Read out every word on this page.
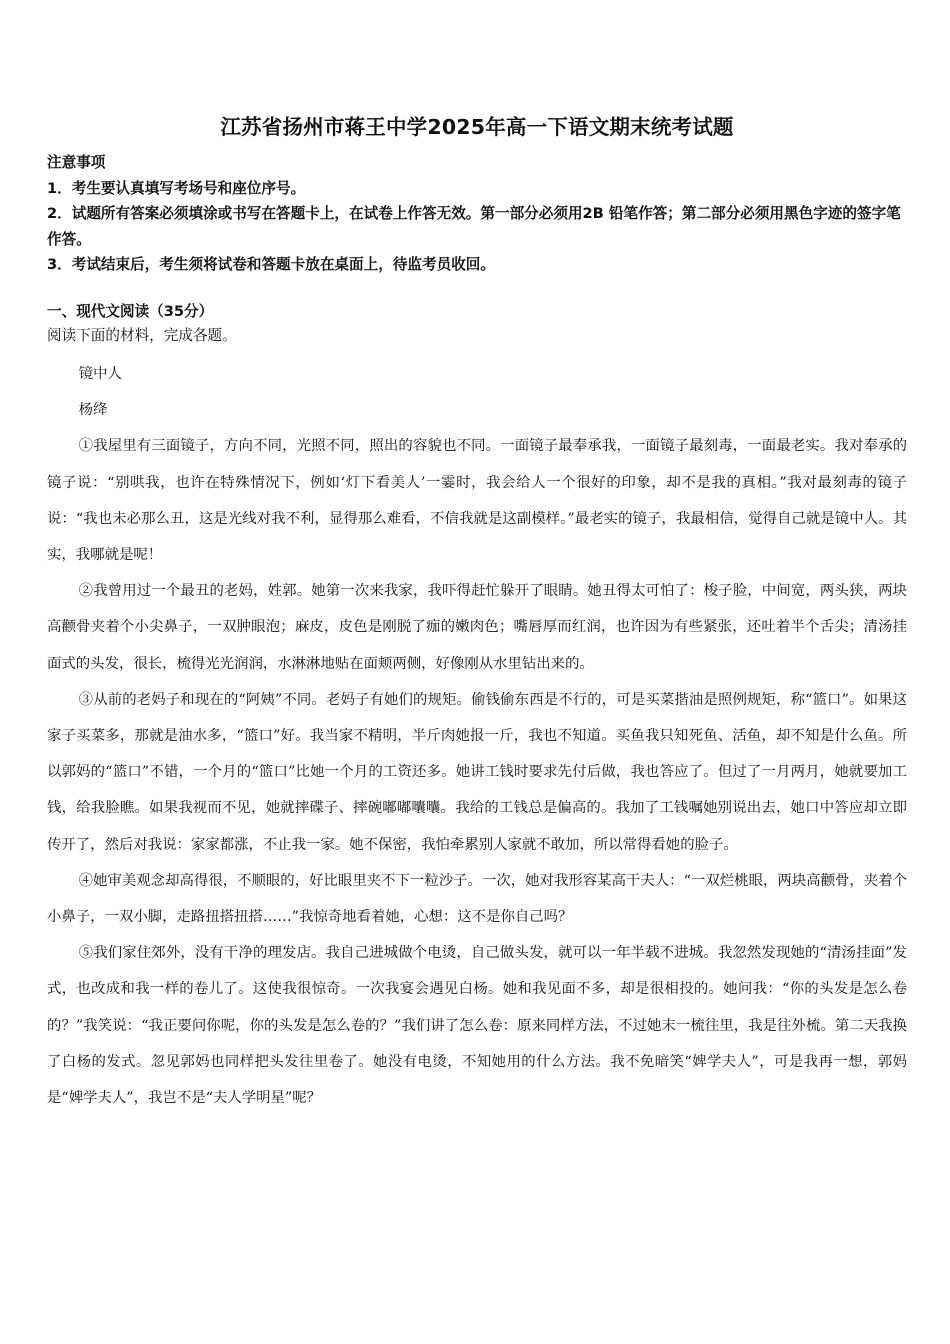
江苏省扬州市蒋王中学2025年高一下语文期末统考试题

注意事项

1．考生要认真填写考场号和座位序号。

2．试题所有答案必须填涂或书写在答题卡上，在试卷上作答无效。第一部分必须用2B 铅笔作答；第二部分必须用黑色字迹的签字笔作答。

3．考试结束后，考生须将试卷和答题卡放在桌面上，待监考员收回。

一、现代文阅读（35分）

阅读下面的材料，完成各题。

镜中人

杨绛

①我屋里有三面镜子，方向不同，光照不同，照出的容貌也不同。一面镜子最奉承我，一面镜子最刻毒，一面最老实。我对奉承的镜子说：“别哄我，也许在特殊情况下，例如‘灯下看美人’一霎时，我会给人一个很好的印象，却不是我的真相。”我对最刻毒的镜子说：“我也未必那么丑，这是光线对我不利，显得那么难看，不信我就是这副模样。”最老实的镜子，我最相信，觉得自己就是镜中人。其实，我哪就是呢！

②我曾用过一个最丑的老妈，姓郭。她第一次来我家，我吓得赶忙躲开了眼睛。她丑得太可怕了：梭子脸，中间宽，两头狭，两块高颧骨夹着个小尖鼻子，一双肿眼泡；麻皮，皮色是刚脱了痂的嫩肉色；嘴唇厚而红润，也许因为有些紧张，还吐着半个舌尖；清汤挂面式的头发，很长，梳得光光润润，水淋淋地贴在面颊两侧，好像刚从水里钻出来的。

③从前的老妈子和现在的“阿姨”不同。老妈子有她们的规矩。偷钱偷东西是不行的，可是买菜揩油是照例规矩，称“篮口”。如果这家子买菜多，那就是油水多，“篮口”好。我当家不精明，半斤肉她报一斤，我也不知道。买鱼我只知死鱼、活鱼，却不知是什么鱼。所以郭妈的“篮口”不错，一个月的“篮口”比她一个月的工资还多。她讲工钱时要求先付后做，我也答应了。但过了一月两月，她就要加工钱，给我脸瞧。如果我视而不见，她就摔碟子、摔碗嘟嘟囔囔。我给的工钱总是偏高的。我加了工钱嘱她别说出去，她口中答应却立即传开了，然后对我说：家家都涨，不止我一家。她不保密，我怕牵累别人家就不敢加，所以常得看她的脸子。

④她审美观念却高得很，不顺眼的，好比眼里夹不下一粒沙子。一次，她对我形容某高干夫人：“一双烂桃眼，两块高颧骨，夹着个小鼻子，一双小脚，走路扭搭扭搭……”我惊奇地看着她，心想：这不是你自己吗？

⑤我们家住郊外，没有干净的理发店。我自己进城做个电烫，自己做头发，就可以一年半载不进城。我忽然发现她的“清汤挂面”发式，也改成和我一样的卷儿了。这使我很惊奇。一次我宴会遇见白杨。她和我见面不多，却是很相投的。她问我：“你的头发是怎么卷的？”我笑说：“我正要问你呢，你的头发是怎么卷的？”我们讲了怎么卷：原来同样方法，不过她末一梳往里，我是往外梳。第二天我换了白杨的发式。忽见郭妈也同样把头发往里卷了。她没有电烫，不知她用的什么方法。我不免暗笑“婢学夫人”，可是我再一想，郭妈是“婢学夫人”，我岂不是“夫人学明星”呢？
